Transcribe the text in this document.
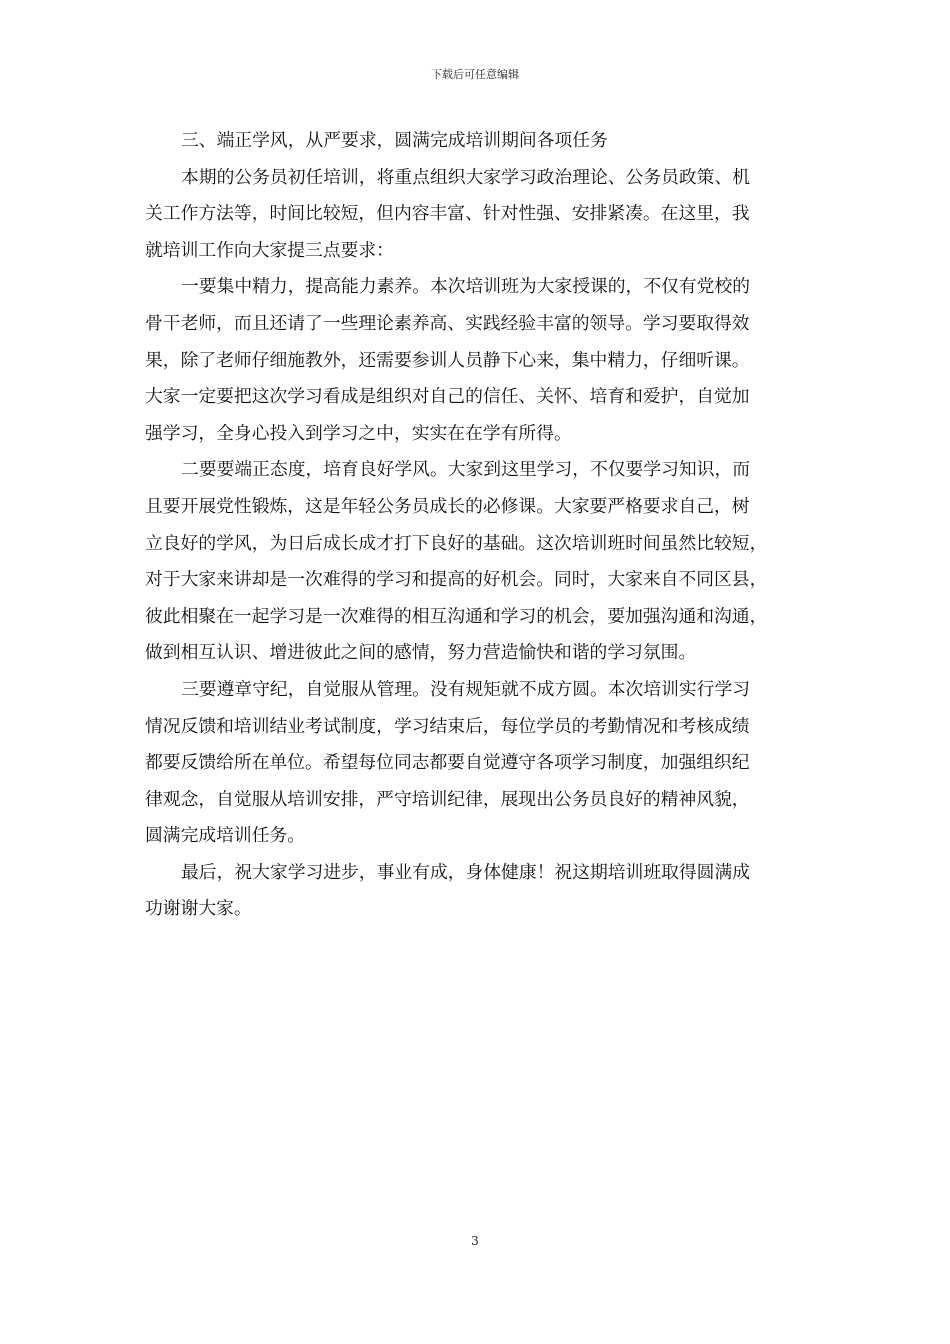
下载后可任意编辑
三、端正学风，从严要求，圆满完成培训期间各项任务
本期的公务员初任培训，将重点组织大家学习政治理论、公务员政策、机
关工作方法等，时间比较短，但内容丰富、针对性强、安排紧凑。在这里，我
就培训工作向大家提三点要求：
一要集中精力，提高能力素养。本次培训班为大家授课的，不仅有党校的
骨干老师，而且还请了一些理论素养高、实践经验丰富的领导。学习要取得效
果，除了老师仔细施教外，还需要参训人员静下心来，集中精力，仔细听课。
大家一定要把这次学习看成是组织对自己的信任、关怀、培育和爱护，自觉加
强学习，全身心投入到学习之中，实实在在学有所得。
二要要端正态度，培育良好学风。大家到这里学习，不仅要学习知识，而
且要开展党性锻炼，这是年轻公务员成长的必修课。大家要严格要求自己，树
立良好的学风，为日后成长成才打下良好的基础。这次培训班时间虽然比较短，
对于大家来讲却是一次难得的学习和提高的好机会。同时，大家来自不同区县，
彼此相聚在一起学习是一次难得的相互沟通和学习的机会，要加强沟通和沟通，
做到相互认识、增进彼此之间的感情，努力营造愉快和谐的学习氛围。
三要遵章守纪，自觉服从管理。没有规矩就不成方圆。本次培训实行学习
情况反馈和培训结业考试制度，学习结束后，每位学员的考勤情况和考核成绩
都要反馈给所在单位。希望每位同志都要自觉遵守各项学习制度，加强组织纪
律观念，自觉服从培训安排，严守培训纪律，展现出公务员良好的精神风貌，
圆满完成培训任务。
最后，祝大家学习进步，事业有成，身体健康！祝这期培训班取得圆满成
功谢谢大家。
3
